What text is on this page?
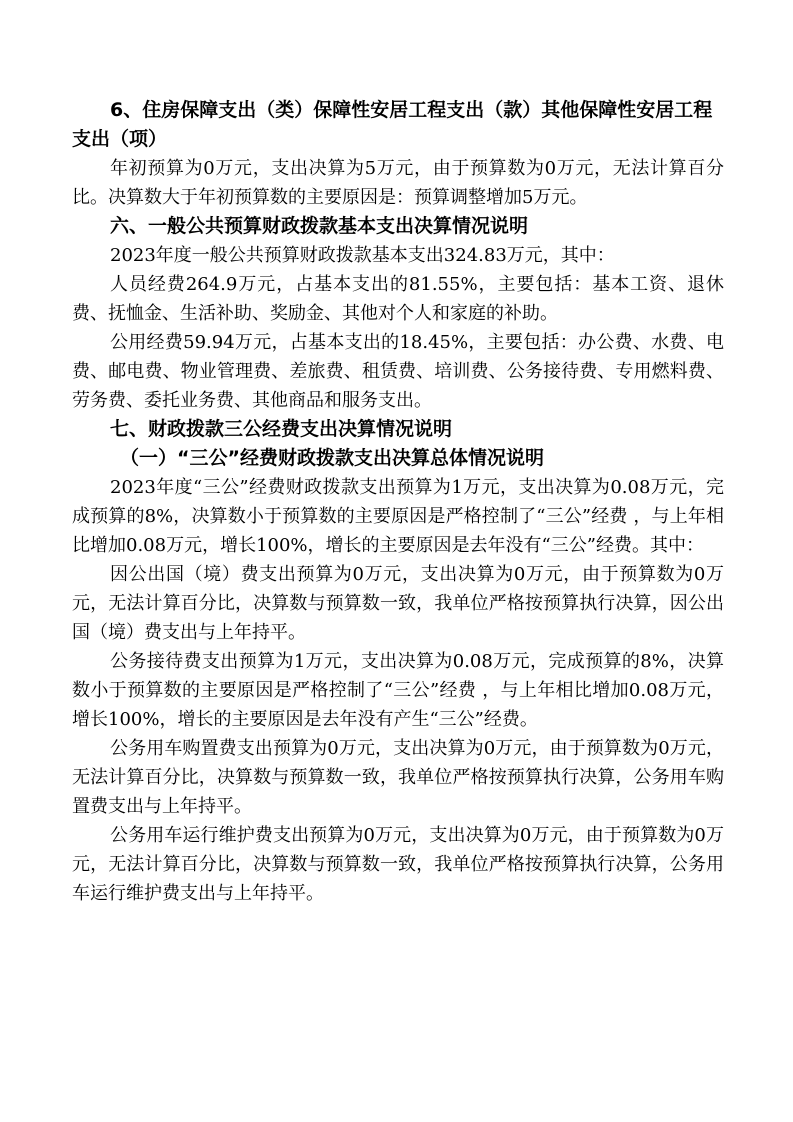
6、住房保障支出（类）保障性安居工程支出（款）其他保障性安居工程支出（项）

年初预算为0万元，支出决算为5万元，由于预算数为0万元，无法计算百分比。决算数大于年初预算数的主要原因是：预算调整增加5万元。

六、一般公共预算财政拨款基本支出决算情况说明

2023年度一般公共预算财政拨款基本支出324.83万元，其中：

人员经费264.9万元，占基本支出的81.55%，主要包括：基本工资、退休费、抚恤金、生活补助、奖励金、其他对个人和家庭的补助。

公用经费59.94万元，占基本支出的18.45%，主要包括：办公费、水费、电费、邮电费、物业管理费、差旅费、租赁费、培训费、公务接待费、专用燃料费、劳务费、委托业务费、其他商品和服务支出。

七、财政拨款三公经费支出决算情况说明

（一）“三公”经费财政拨款支出决算总体情况说明

2023年度“三公”经费财政拨款支出预算为1万元，支出决算为0.08万元，完成预算的8%，决算数小于预算数的主要原因是严格控制了“三公”经费 ，与上年相比增加0.08万元，增长100%，增长的主要原因是去年没有“三公”经费。其中：

因公出国（境）费支出预算为0万元，支出决算为0万元，由于预算数为0万元，无法计算百分比，决算数与预算数一致，我单位严格按预算执行决算，因公出国（境）费支出与上年持平。

公务接待费支出预算为1万元，支出决算为0.08万元，完成预算的8%，决算数小于预算数的主要原因是严格控制了“三公”经费 ，与上年相比增加0.08万元，增长100%，增长的主要原因是去年没有产生“三公”经费。

公务用车购置费支出预算为0万元，支出决算为0万元，由于预算数为0万元，无法计算百分比，决算数与预算数一致，我单位严格按预算执行决算，公务用车购置费支出与上年持平。

公务用车运行维护费支出预算为0万元，支出决算为0万元，由于预算数为0万元，无法计算百分比，决算数与预算数一致，我单位严格按预算执行决算，公务用车运行维护费支出与上年持平。
